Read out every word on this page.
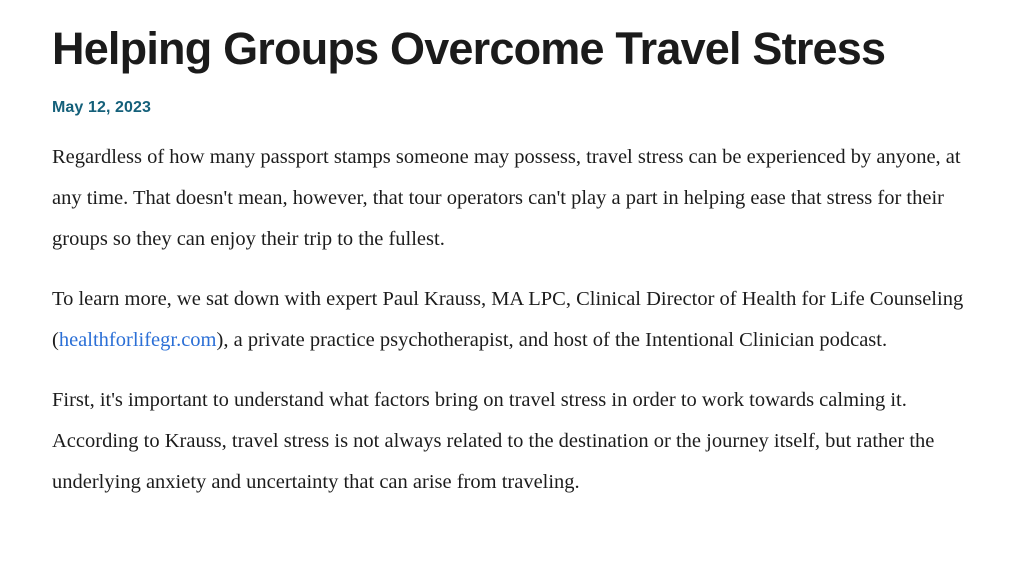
Helping Groups Overcome Travel Stress
May 12, 2023

Regardless of how many passport stamps someone may possess, travel stress can be experienced by anyone, at any time. That doesn't mean, however, that tour operators can't play a part in helping ease that stress for their groups so they can enjoy their trip to the fullest.

To learn more, we sat down with expert Paul Krauss, MA LPC, Clinical Director of Health for Life Counseling (healthforlifegr.com), a private practice psychotherapist, and host of the Intentional Clinician podcast.

First, it's important to understand what factors bring on travel stress in order to work towards calming it. According to Krauss, travel stress is not always related to the destination or the journey itself, but rather the underlying anxiety and uncertainty that can arise from traveling.
